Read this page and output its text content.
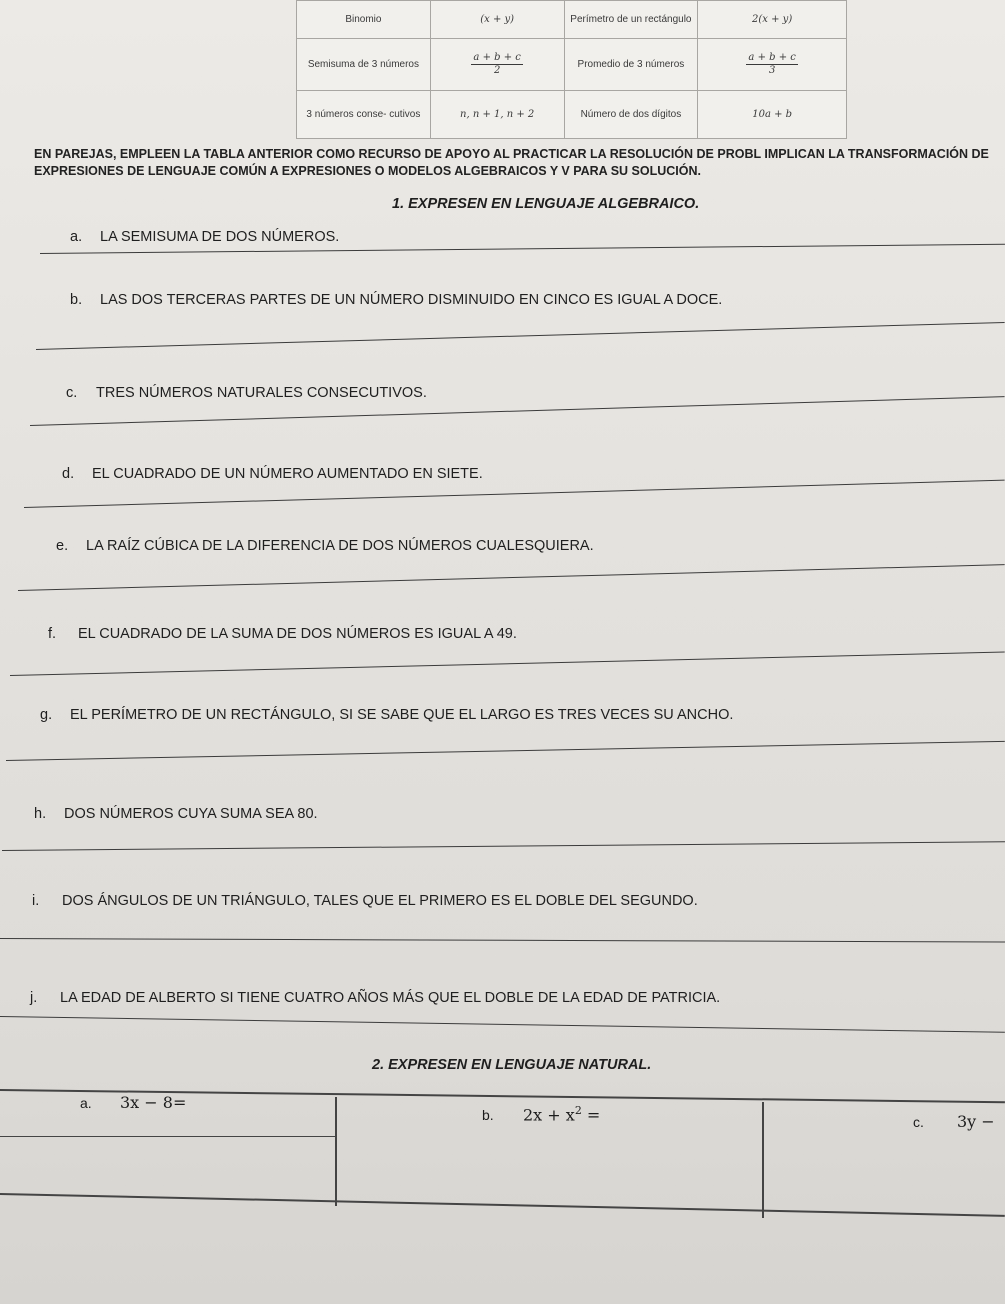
Binomio	(x + y)	Perímetro de un rectángulo	2(x + y)
Semisuma de 3 números	$\frac{a + b + c}{2}$	Promedio de 3 números	$\frac{a + b + c}{3}$

3 números conse- cutivos	n, n + 1, n + 2	Número de dos dígitos	10a + b
EN PAREJAS, EMPLEEN LA TABLA ANTERIOR COMO RECURSO DE APOYO AL PRACTICAR LA RESOLUCIÓN DE PROBL IMPLICAN LA TRANSFORMACIÓN DE EXPRESIONES DE LENGUAJE COMÚN A EXPRESIONES O MODELOS ALGEBRAICOS Y V PARA SU SOLUCIÓN.
1. EXPRESEN EN LENGUAJE ALGEBRAICO.
a. LA SEMISUMA DE DOS NÚMEROS.
b. LAS DOS TERCERAS PARTES DE UN NÚMERO DISMINUIDO EN CINCO ES IGUAL A DOCE.
c. TRES NÚMEROS NATURALES CONSECUTIVOS.
d. EL CUADRADO DE UN NÚMERO AUMENTADO EN SIETE.
e. LA RAÍZ CÚBICA DE LA DIFERENCIA DE DOS NÚMEROS CUALESQUIERA.
f. EL CUADRADO DE LA SUMA DE DOS NÚMEROS ES IGUAL A 49.
g. EL PERÍMETRO DE UN RECTÁNGULO, SI SE SABE QUE EL LARGO ES TRES VECES SU ANCHO.
h. DOS NÚMEROS CUYA SUMA SEA 80.
i. DOS ÁNGULOS DE UN TRIÁNGULO, TALES QUE EL PRIMERO ES EL DOBLE DEL SEGUNDO.
j. LA EDAD DE ALBERTO SI TIENE CUATRO AÑOS MÁS QUE EL DOBLE DE LA EDAD DE PATRICIA.
2. EXPRESEN EN LENGUAJE NATURAL.
a. 3x − 8=
b. $2x + x^2$ =	c. 3y −
